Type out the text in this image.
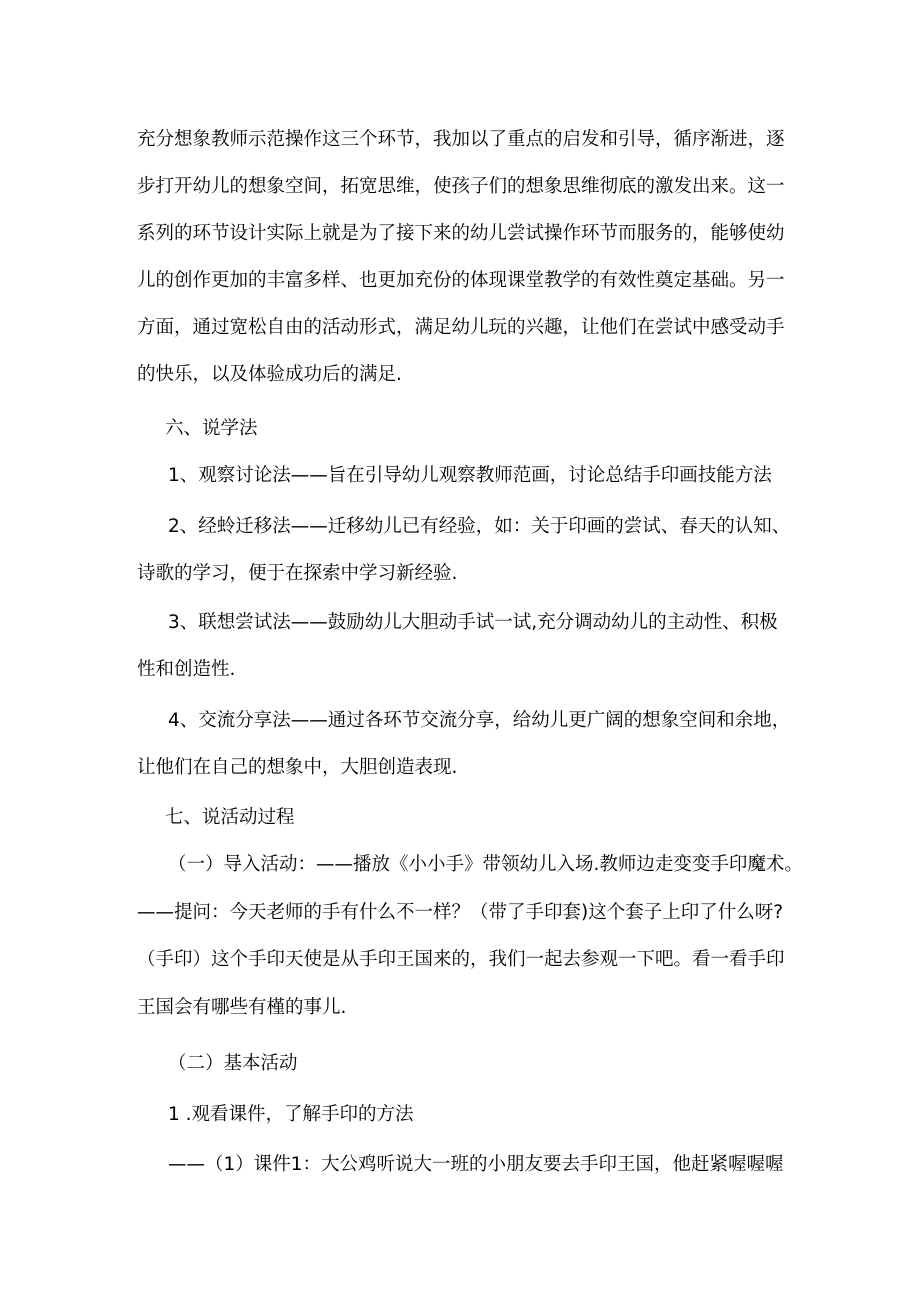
充分想象教师示范操作这三个环节，我加以了重点的启发和引导，循序渐进，逐

步打开幼儿的想象空间，拓宽思维，使孩子们的想象思维彻底的激发出来。这一

系列的环节设计实际上就是为了接下来的幼儿尝试操作环节而服务的，能够使幼

儿的创作更加的丰富多样、也更加充份的体现课堂教学的有效性奠定基础。另一

方面，通过宽松自由的活动形式，满足幼儿玩的兴趣，让他们在尝试中感受动手

的快乐，以及体验成功后的满足.

六、说学法

1、观察讨论法——旨在引导幼儿观察教师范画，讨论总结手印画技能方法

2、经蛉迁移法——迁移幼儿已有经验，如：关于印画的尝试、春天的认知、

诗歌的学习，便于在探索中学习新经验.

3、联想尝试法——鼓励幼儿大胆动手试一试,充分调动幼儿的主动性、积极

性和创造性.

4、交流分享法——通过各环节交流分享，给幼儿更广阔的想象空间和余地，

让他们在自己的想象中，大胆创造表现.

七、说活动过程

（一）导入活动：——播放《小小手》带领幼儿入场.教师边走变变手印魔术。

——提问：今天老师的手有什么不一样？（带了手印套)这个套子上印了什么呀?

（手印）这个手印天使是从手印王国来的，我们一起去参观一下吧。看一看手印

王国会有哪些有槿的事儿.

（二）基本活动

1 .观看课件，了解手印的方法

——（1）课件1：大公鸡听说大一班的小朋友要去手印王国，他赶紧喔喔喔
